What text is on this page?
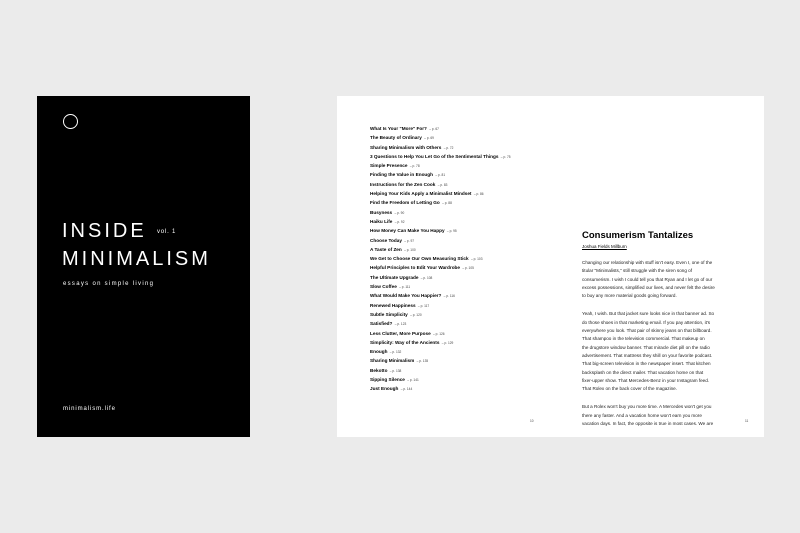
INSIDE vol. 1
MINIMALISM
essays on simple living
minimalism.life
What Is Your "More" For? – p. 67
The Beauty of Ordinary – p. 69
Sharing Minimalism with Others – p. 72
3 Questions to Help You Let Go of the Sentimental Things – p. 75
Simple Presence – p. 78
Finding the Value in Enough – p. 81
Instructions for the Zen Cook – p. 83
Helping Your Kids Apply a Minimalist Mindset – p. 86
Find the Freedom of Letting Go – p. 88
Busyness – p. 90
Haiku Life – p. 92
How Money Can Make You Happy – p. 95
Choose Today – p. 97
A Taste of Zen – p. 100
We Get to Choose Our Own Measuring Stick – p. 103
Helpful Principles to Edit Your Wardrobe – p. 105
The Ultimate Upgrade – p. 108
Slow Coffee – p. 111
What Would Make You Happier? – p. 116
Renewed Happiness – p. 117
Subtle Simplicity – p. 120
Satisfied? – p. 123
Less Clutter, More Purpose – p. 126
Simplicity: Way of the Ancients – p. 129
Enough – p. 132
Sharing Minimalism – p. 135
Bekotto – p. 138
Sipping Silence – p. 141
Just Enough – p. 144
10	11
Consumerism Tantalizes
Joshua Fields Millburn

Changing our relationship with stuff isn't easy. Even I, one of the
titular "Minimalists," still struggle with the siren song of
consumerism. I wish I could tell you that Ryan and I let go of our
excess possessions, simplified our lives, and never felt the desire
to buy any more material goods going forward.

Yeah, I wish. But that jacket sure looks nice in that banner ad. So
do those shoes in that marketing email. If you pay attention, it's
everywhere you look. That pair of skinny jeans on that billboard.
That shampoo in the television commercial. That makeup on
the drugstore window banner. That miracle diet pill on the radio
advertisement. That mattress they shill on your favorite podcast.
That big-screen television in the newspaper insert. That kitchen
backsplash on the direct mailer. That vacation home on that
fixer-upper show. That Mercedes-Benz in your Instagram feed.
That Rolex on the back cover of the magazine.

But a Rolex won't buy you more time. A Mercedes won't get you
there any faster. And a vacation home won't earn you more
vacation days. In fact, the opposite is true in most cases. We are
